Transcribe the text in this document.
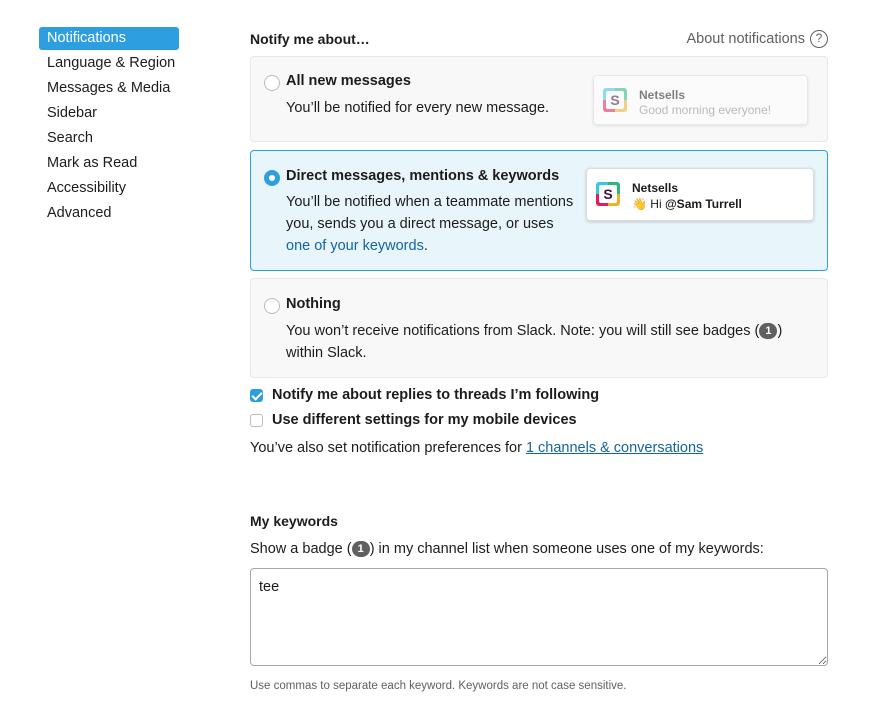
Notifications
Language & Region
Messages & Media
Sidebar
Search
Mark as Read
Accessibility
Advanced
Notify me about…	About notifications ?
All new messages
You’ll be notified for every new message.	S	Netsells
Good morning everyone!
Direct messages, mentions & keywords
You’ll be notified when a teammate mentions
you, sends you a direct message, or uses
one of your keywords.
S	Netsells
👋 Hi @Sam Turrell
Nothing
You won’t receive notifications from Slack. Note: you will still see badges ( 1 )
within Slack.
Notify me about replies to threads I’m following
Use different settings for my mobile devices
You’ve also set notification preferences for 1 channels & conversations
My keywords
Show a badge ( 1 ) in my channel list when someone uses one of my keywords:
tee
Use commas to separate each keyword. Keywords are not case sensitive.
